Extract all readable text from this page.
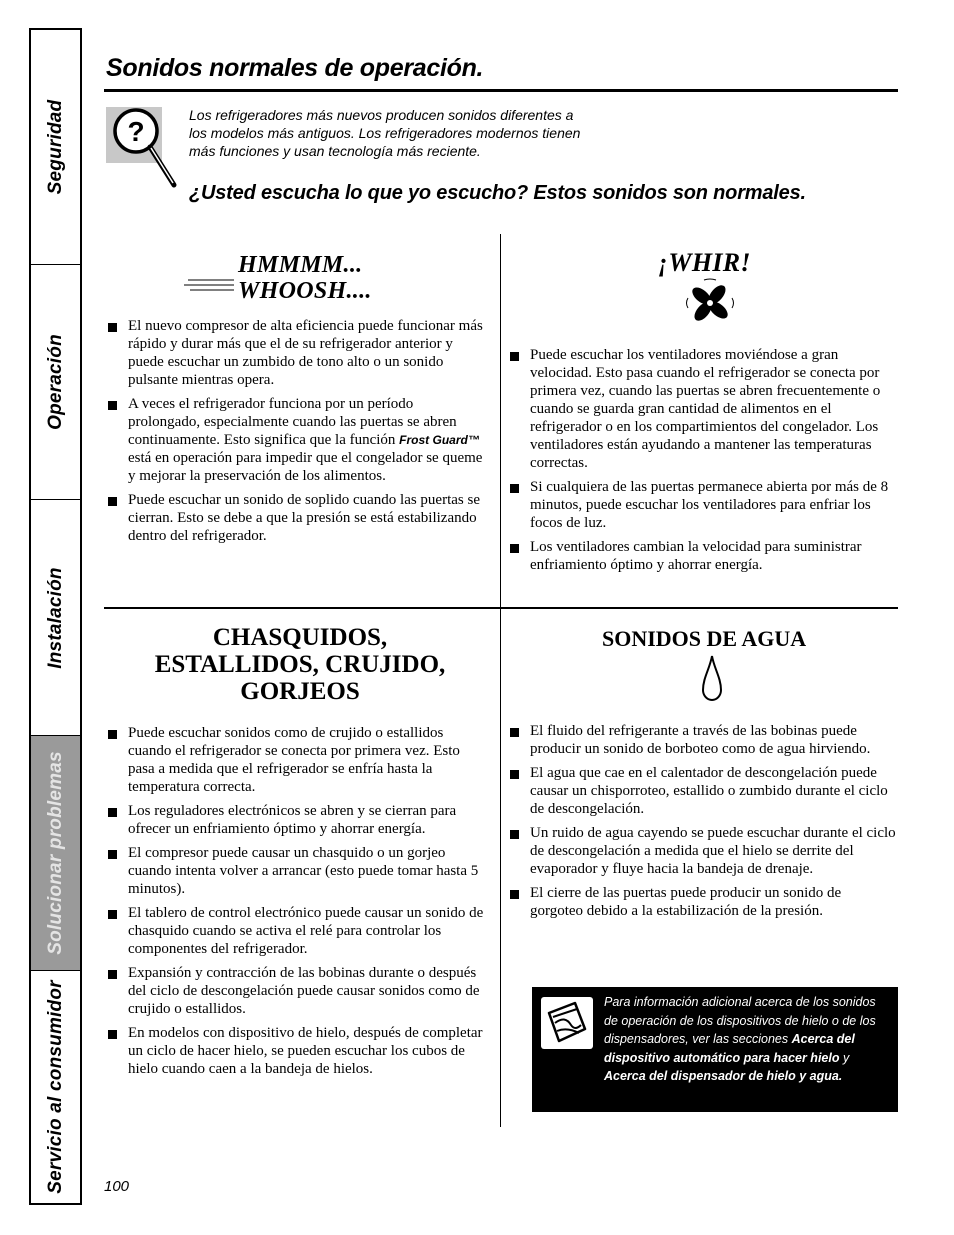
Seguridad
Operación
Instalación
Solucionar problemas
Servicio al consumidor
Sonidos normales de operación.
?
Los refrigeradores más nuevos producen sonidos diferentes a
los modelos más antiguos. Los refrigeradores modernos tienen
más funciones y usan tecnología más reciente.
¿Usted escucha lo que yo escucho? Estos sonidos son normales.
HMMMM...
WHOOSH....
El nuevo compresor de alta eficiencia puede funcionar más rápido y durar más que el de su refrigerador anterior y puede escuchar un zumbido de tono alto o un sonido pulsante mientras opera.
A veces el refrigerador funciona por un período prolongado, especialmente cuando las puertas se abren continuamente. Esto significa que la función Frost Guard™ está en operación para impedir que el congelador se queme y mejorar la preservación de los alimentos.
Puede escuchar un sonido de soplido cuando las puertas se cierran. Esto se debe a que la presión se está estabilizando dentro del refrigerador.
¡WHIR!
Puede escuchar los ventiladores moviéndose a gran velocidad. Esto pasa cuando el refrigerador se conecta por primera vez, cuando las puertas se abren frecuentemente o cuando se guarda gran cantidad de alimentos en el refrigerador o en los compartimientos del congelador. Los ventiladores están ayudando a mantener las temperaturas correctas.
Si cualquiera de las puertas permanece abierta por más de 8 minutos, puede escuchar los ventiladores para enfriar los focos de luz.
Los ventiladores cambian la velocidad para suministrar enfriamiento óptimo y ahorrar energía.
CHASQUIDOS,
ESTALLIDOS, CRUJIDO,
GORJEOS
Puede escuchar sonidos como de crujido o estallidos cuando el refrigerador se conecta por primera vez. Esto pasa a medida que el refrigerador se enfría hasta la temperatura correcta.
Los reguladores electrónicos se abren y se cierran para ofrecer un enfriamiento óptimo y ahorrar energía.
El compresor puede causar un chasquido o un gorjeo cuando intenta volver a arrancar (esto puede tomar hasta 5 minutos).
El tablero de control electrónico puede causar un sonido de chasquido cuando se activa el relé para controlar los componentes del refrigerador.
Expansión y contracción de las bobinas durante o después del ciclo de descongelación puede causar sonidos como de crujido o estallidos.
En modelos con dispositivo de hielo, después de completar un ciclo de hacer hielo, se pueden escuchar los cubos de hielo cuando caen a la bandeja de hielos.
SONIDOS DE AGUA
El fluido del refrigerante a través de las bobinas puede producir un sonido de borboteo como de agua hirviendo.
El agua que cae en el calentador de descongelación puede causar un chisporroteo, estallido o zumbido durante el ciclo de descongelación.
Un ruido de agua cayendo se puede escuchar durante el ciclo de descongelación a medida que el hielo se derrite del evaporador y fluye hacia la bandeja de drenaje.
El cierre de las puertas puede producir un sonido de gorgoteo debido a la estabilización de la presión.
Para información adicional acerca de los sonidos de operación de los dispositivos de hielo o de los dispensadores, ver las secciones Acerca del dispositivo automático para hacer hielo y Acerca del dispensador de hielo y agua.
100
